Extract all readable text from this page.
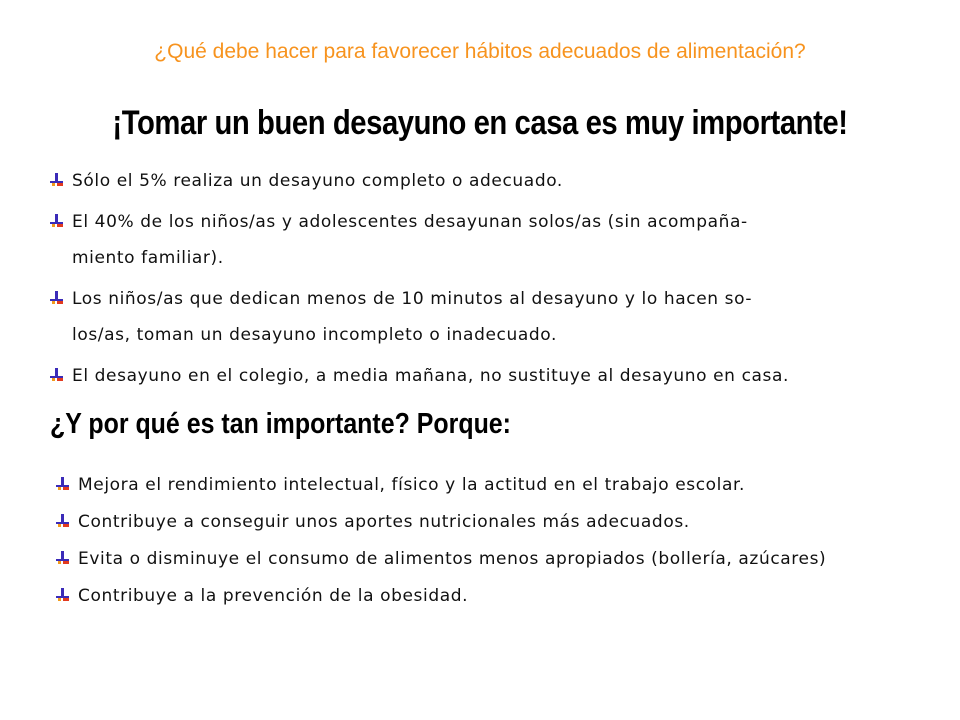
¿Qué debe hacer para favorecer hábitos adecuados de alimentación?
¡Tomar un buen desayuno en casa es muy importante!
Sólo el 5% realiza un desayuno completo o adecuado.
El 40% de los niños/as y adolescentes desayunan solos/as (sin acompaña-
miento familiar).
Los niños/as que dedican menos de 10 minutos al desayuno y lo hacen so-
los/as, toman un desayuno incompleto o inadecuado.
El desayuno en el colegio, a media mañana, no sustituye al desayuno en casa.
¿Y por qué es tan importante? Porque:
Mejora el rendimiento intelectual, físico y la actitud en el trabajo escolar.
Contribuye a conseguir unos aportes nutricionales más adecuados.
Evita o disminuye el consumo de alimentos menos apropiados (bollería, azúcares)
Contribuye a la prevención de la obesidad.
